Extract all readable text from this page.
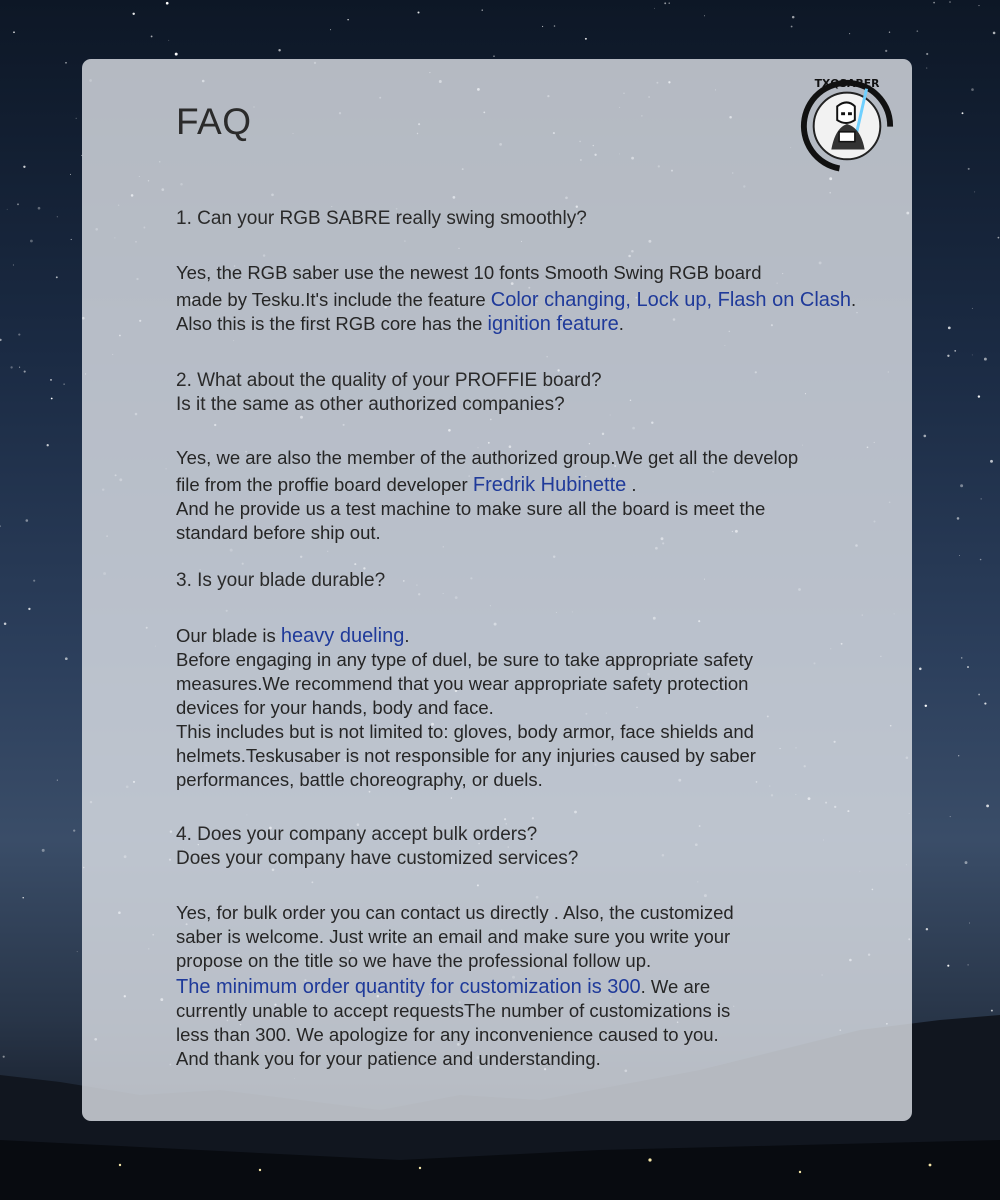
TXQSABER
FAQ

1. Can your RGB SABRE really swing smoothly?

Yes, the RGB saber use the newest 10 fonts Smooth Swing RGB board

made by Tesku.It's include the feature Color changing, Lock up, Flash on Clash. Also this is the first RGB core has the ignition feature.

2. What about the quality of your PROFFIE board?

Is it the same as other authorized companies?

Yes, we are also the member of the authorized group.We get all the develop

file from the proffie board developer Fredrik Hubinette .

And he provide us a test machine to make sure all the board is meet the

standard before ship out.

3. Is your blade durable?

Our blade is heavy dueling.

Before engaging in any type of duel, be sure to take appropriate safety

measures.We recommend that you wear appropriate safety protection

devices for your hands, body and face.

This includes but is not limited to: gloves, body armor, face shields and

helmets.Teskusaber is not responsible for any injuries caused by saber

performances, battle choreography, or duels.

4. Does your company accept bulk orders?

Does your company have customized services?

Yes, for bulk order you can contact us directly . Also, the customized

saber is welcome. Just write an email and make sure you write your

propose on the title so we have the professional follow up.

The minimum order quantity for customization is 300. We are

currently unable to accept requestsThe number of customizations is

less than 300. We apologize for any inconvenience caused to you.

And thank you for your patience and understanding.
